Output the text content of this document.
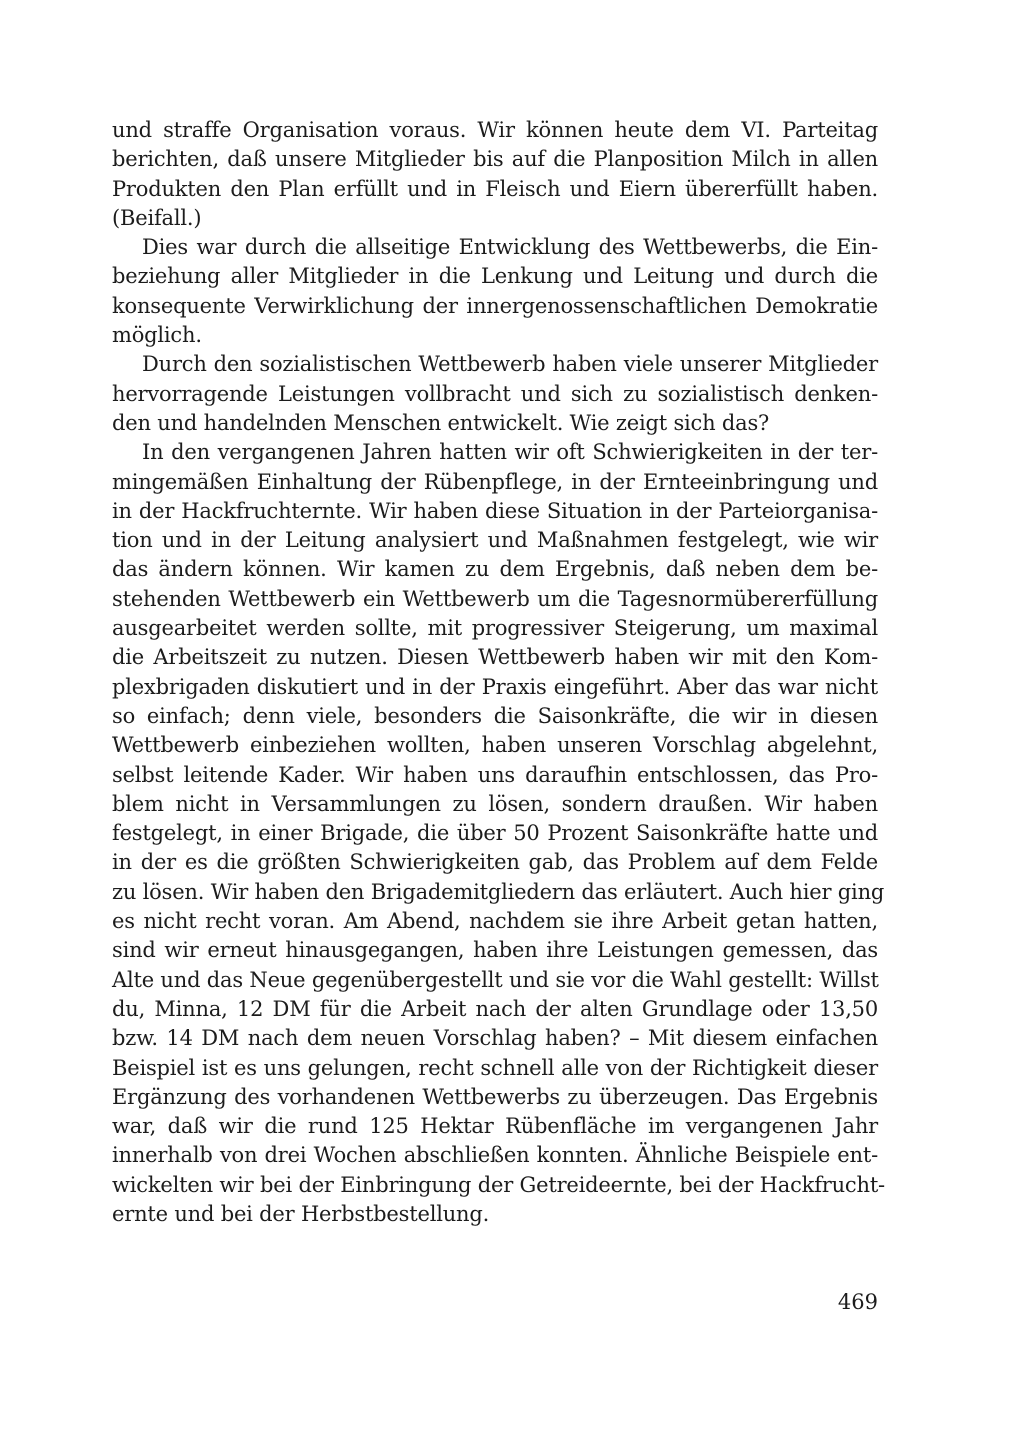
und straffe Organisation voraus. Wir können heute dem VI. Parteitag
berichten, daß unsere Mitglieder bis auf die Planposition Milch in allen
Produkten den Plan erfüllt und in Fleisch und Eiern übererfüllt haben.
(Beifall.)
Dies war durch die allseitige Entwicklung des Wettbewerbs, die Ein-
beziehung aller Mitglieder in die Lenkung und Leitung und durch die
konsequente Verwirklichung der innergenossenschaftlichen Demokratie
möglich.
Durch den sozialistischen Wettbewerb haben viele unserer Mitglieder
hervorragende Leistungen vollbracht und sich zu sozialistisch denken-
den und handelnden Menschen entwickelt. Wie zeigt sich das?
In den vergangenen Jahren hatten wir oft Schwierigkeiten in der ter-
mingemäßen Einhaltung der Rübenpflege, in der Ernteeinbringung und
in der Hackfruchternte. Wir haben diese Situation in der Parteiorganisa-
tion und in der Leitung analysiert und Maßnahmen festgelegt, wie wir
das ändern können. Wir kamen zu dem Ergebnis, daß neben dem be-
stehenden Wettbewerb ein Wettbewerb um die Tagesnormübererfüllung
ausgearbeitet werden sollte, mit progressiver Steigerung, um maximal
die Arbeitszeit zu nutzen. Diesen Wettbewerb haben wir mit den Kom-
plexbrigaden diskutiert und in der Praxis eingeführt. Aber das war nicht
so einfach; denn viele, besonders die Saisonkräfte, die wir in diesen
Wettbewerb einbeziehen wollten, haben unseren Vorschlag abgelehnt,
selbst leitende Kader. Wir haben uns daraufhin entschlossen, das Pro-
blem nicht in Versammlungen zu lösen, sondern draußen. Wir haben
festgelegt, in einer Brigade, die über 50 Prozent Saisonkräfte hatte und
in der es die größten Schwierigkeiten gab, das Problem auf dem Felde
zu lösen. Wir haben den Brigademitgliedern das erläutert. Auch hier ging
es nicht recht voran. Am Abend, nachdem sie ihre Arbeit getan hatten,
sind wir erneut hinausgegangen, haben ihre Leistungen gemessen, das
Alte und das Neue gegenübergestellt und sie vor die Wahl gestellt: Willst
du, Minna, 12 DM für die Arbeit nach der alten Grundlage oder 13,50
bzw. 14 DM nach dem neuen Vorschlag haben? – Mit diesem einfachen
Beispiel ist es uns gelungen, recht schnell alle von der Richtigkeit dieser
Ergänzung des vorhandenen Wettbewerbs zu überzeugen. Das Ergebnis
war, daß wir die rund 125 Hektar Rübenfläche im vergangenen Jahr
innerhalb von drei Wochen abschließen konnten. Ähnliche Beispiele ent-
wickelten wir bei der Einbringung der Getreideernte, bei der Hackfrucht-
ernte und bei der Herbstbestellung.
469
